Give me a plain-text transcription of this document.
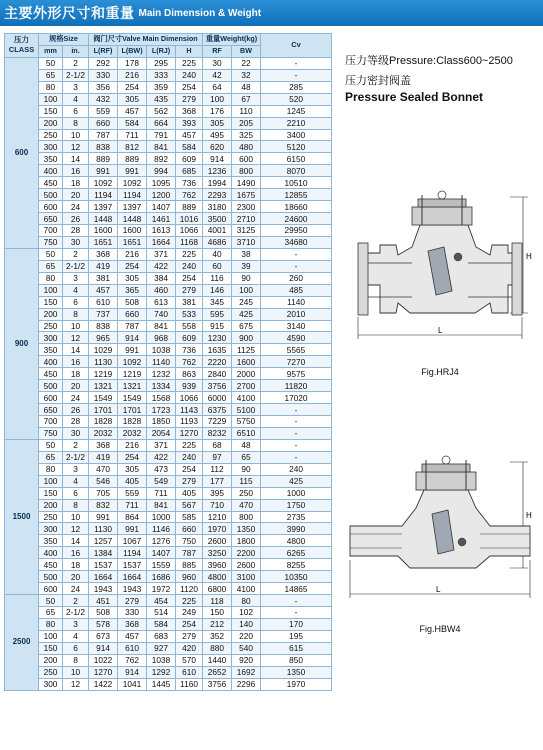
主要外形尺寸和重量 Main Dimension & Weight
压力
CLASS	规格Size		阀门尺寸Valve Main Dimension				重量Weight(kg)		Cv
	mm	in.	L(RF)	L(BW)	L(RJ)	H	RF	BW	
600	50	2	292	178	295	225	30	22	-
	65	2-1/2	330	216	333	240	42	32	-
	80	3	356	254	359	254	64	48	285
	100	4	432	305	435	279	100	67	520
	150	6	559	457	562	368	176	110	1245
	200	8	660	584	664	393	305	205	2210
	250	10	787	711	791	457	495	325	3400
	300	12	838	812	841	584	620	480	5120
	350	14	889	889	892	609	914	600	6150
	400	16	991	991	994	685	1236	800	8070
	450	18	1092	1092	1095	736	1994	1490	10510
	500	20	1194	1194	1200	762	2293	1675	12855
	600	24	1397	1397	1407	889	3180	2300	18660
	650	26	1448	1448	1461	1016	3500	2710	24600
	700	28	1600	1600	1613	1066	4001	3125	29950
	750	30	1651	1651	1664	1168	4686	3710	34680
900	50	2	368	216	371	225	40	38	-
	65	2-1/2	419	254	422	240	60	39	-
	80	3	381	305	384	254	116	90	260
	100	4	457	365	460	279	146	100	485
	150	6	610	508	613	381	345	245	1140
	200	8	737	660	740	533	595	425	2010
	250	10	838	787	841	558	915	675	3140
	300	12	965	914	968	609	1230	900	4590
	350	14	1029	991	1038	736	1635	1125	5565
	400	16	1130	1092	1140	762	2220	1600	7270
	450	18	1219	1219	1232	863	2840	2000	9575
	500	20	1321	1321	1334	939	3756	2700	11820
	600	24	1549	1549	1568	1066	6000	4100	17020
	650	26	1701	1701	1723	1143	6375	5100	-
	700	28	1828	1828	1850	1193	7229	5750	-
	750	30	2032	2032	2054	1270	8232	6510	-
1500	50	2	368	216	371	225	68	48	-
	65	2-1/2	419	254	422	240	97	65	-
	80	3	470	305	473	254	112	90	240
	100	4	546	405	549	279	177	115	425
	150	6	705	559	711	405	395	250	1000
	200	8	832	711	841	567	710	470	1750
	250	10	991	864	1000	585	1210	800	2735
	300	12	1130	991	1146	660	1970	1350	3990
	350	14	1257	1067	1276	750	2600	1800	4800
	400	16	1384	1194	1407	787	3250	2200	6265
	450	18	1537	1537	1559	885	3960	2600	8255
	500	20	1664	1664	1686	960	4800	3100	10350
	600	24	1943	1943	1972	1120	6800	4100	14865
2500	50	2	451	279	454	225	118	80	-
	65	2-1/2	508	330	514	249	150	102	-
	80	3	578	368	584	254	212	140	170
	100	4	673	457	683	279	352	220	195
	150	6	914	610	927	420	880	540	615
	200	8	1022	762	1038	570	1440	920	850
	250	10	1270	914	1292	610	2652	1692	1350
	300	12	1422	1041	1445	1160	3756	2296	1970
压力等级Pressure:Class600~2500
压力密封阀盖
Pressure Sealed Bonnet
H
L
Fig.HRJ4
H
L
Fig.HBW4
